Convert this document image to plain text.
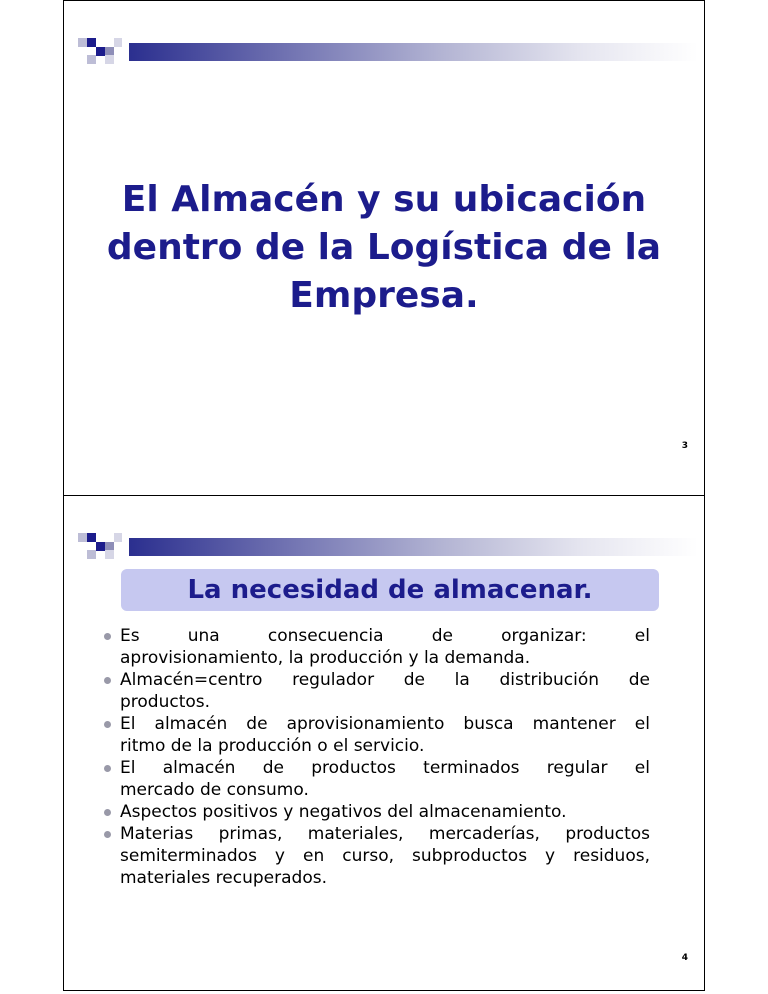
El Almacén y su ubicación
dentro de la Logística de la
Empresa.
3
La necesidad de almacenar.
Es una consecuencia de organizar: el
aprovisionamiento, la producción y la demanda.
Almacén=centro regulador de la distribución de
productos.
El almacén de aprovisionamiento busca mantener el
ritmo de la producción o el servicio.
El almacén de productos terminados regular el
mercado de consumo.
Aspectos positivos y negativos del almacenamiento.
Materias primas, materiales, mercaderías, productos
semiterminados y en curso, subproductos y residuos,
materiales recuperados.
4
